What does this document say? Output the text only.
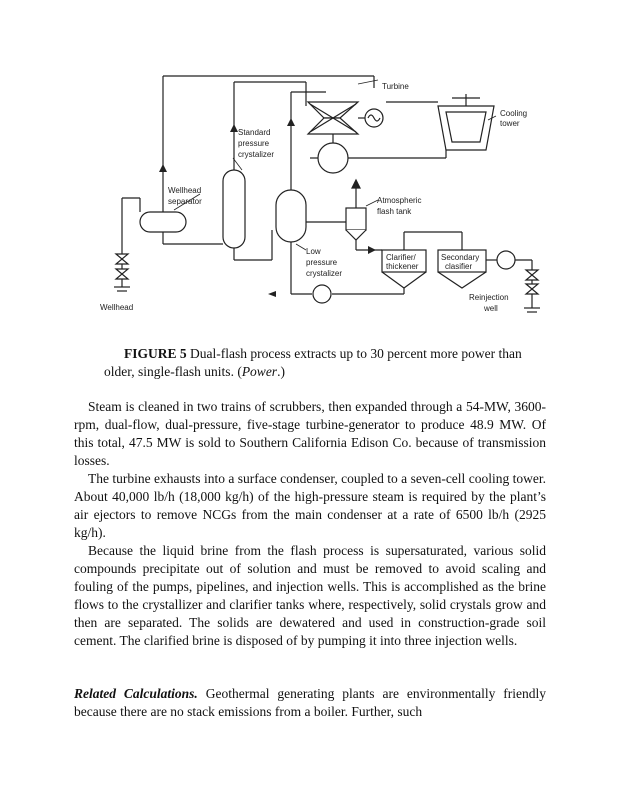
Turbine
Cooling
tower
Standard
pressure
crystalizer
Wellhead
separator	Atmospheric
flash tank
Low
pressure
crystalizer
Clarifier/
thickener
Secondary
clasifier
Reinjection
well
Wellhead
FIGURE 5 Dual-flash process extracts up to 30 percent more power than older, single-flash units. (Power.)

Steam is cleaned in two trains of scrubbers, then expanded through a 54-MW, 3600-rpm, dual-flow, dual-pressure, five-stage turbine-generator to produce 48.9 MW. Of this total, 47.5 MW is sold to Southern California Edison Co. because of transmission losses.

The turbine exhausts into a surface condenser, coupled to a seven-cell cooling tower. About 40,000 lb/h (18,000 kg/h) of the high-pressure steam is required by the plant’s air ejectors to remove NCGs from the main condenser at a rate of 6500 lb/h (2925 kg/h).

Because the liquid brine from the flash process is supersaturated, various solid compounds precipitate out of solution and must be removed to avoid scaling and fouling of the pumps, pipelines, and injection wells. This is accomplished as the brine flows to the crystallizer and clarifier tanks where, respectively, solid crystals grow and then are separated. The solids are dewatered and used in construction-grade soil cement. The clarified brine is disposed of by pumping it into three injection wells.

Related Calculations. Geothermal generating plants are environmentally friendly because there are no stack emissions from a boiler. Further, such
